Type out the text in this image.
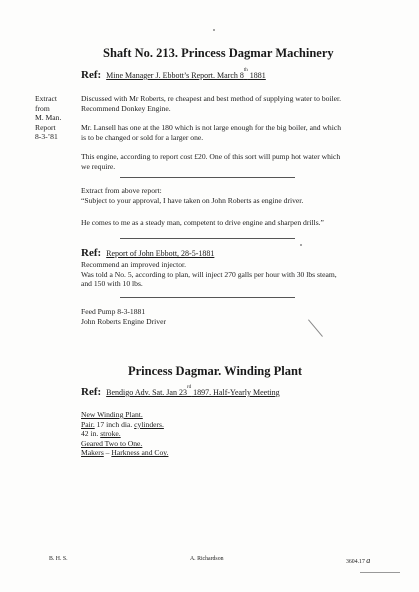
Shaft No. 213. Princess Dagmar Machinery
Ref: Mine Manager J. Ebbott’s Report. March 8th 1881
Extract
from
M. Man.
Report
8-3-’81
Discussed with Mr Roberts, re cheapest and best method of supplying water to boiler.
Recommend Donkey Engine.
Mr. Lansell has one at the 180 which is not large enough for the big boiler, and which
is to be changed or sold for a larger one.
This engine, according to report cost £20. One of this sort will pump hot water which
we require.
Extract from above report:
“Subject to your approval, I have taken on John Roberts as engine driver.
He comes to me as a steady man, competent to drive engine and sharpen drills.”
Ref: Report of John Ebbott, 28-5-1881
Recommend an improved injector.
Was told a No. 5, according to plan, will inject 270 galls per hour with 30 lbs steam,
and 150 with 10 lbs.
Feed Pump 8-3-1881
John Roberts Engine Driver
Princess Dagmar. Winding Plant
Ref: Bendigo Adv. Sat. Jan 23rd 1897. Half-Yearly Meeting
New Winding Plant.
Pair. 17 inch dia. cylinders.
42 in. stroke.
Geared Two to One.
Makers – Harkness and Coy.
B. H. S.	A. Richardson	3604.17 a
